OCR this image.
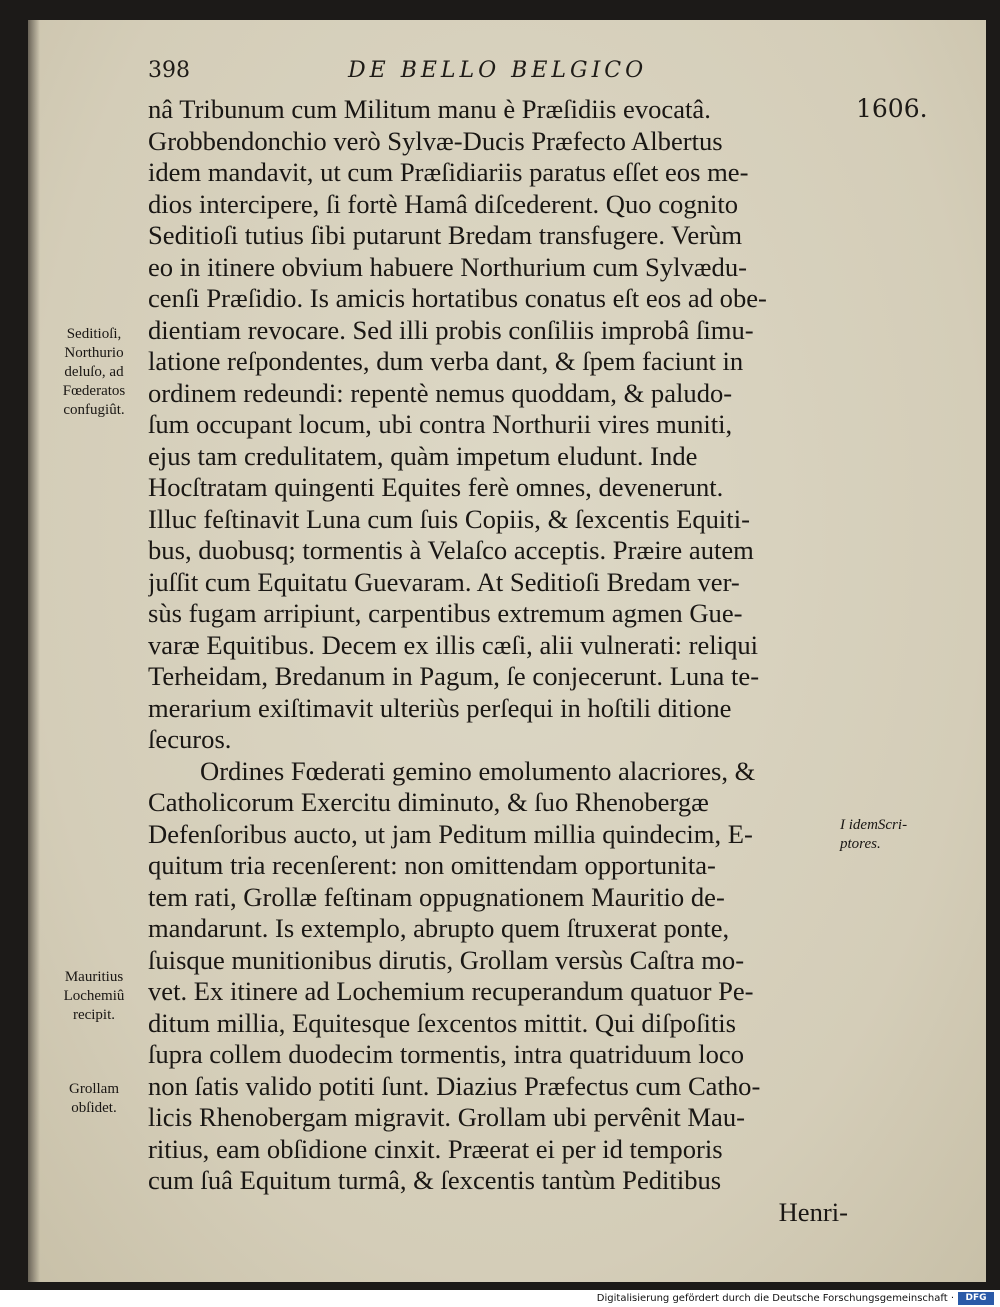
398	DE BELLO BELGICO
1606.
nâ Tribunum cum Militum manu è Præſidiis evocatâ.
Grobbendonchio verò Sylvæ-Ducis Præfecto Albertus
idem mandavit, ut cum Præſidiariis paratus eſſet eos me-
dios intercipere, ſi fortè Hamâ diſcederent. Quo cognito
Seditioſi tutius ſibi putarunt Bredam transfugere. Verùm
eo in itinere obvium habuere Northurium cum Sylvædu-
cenſi Præſidio. Is amicis hortatibus conatus eſt eos ad obe-
dientiam revocare. Sed illi probis conſiliis improbâ ſimu-
latione reſpondentes, dum verba dant, & ſpem faciunt in
ordinem redeundi: repentè nemus quoddam, & paludo-
ſum occupant locum, ubi contra Northurii vires muniti,
ejus tam credulitatem, quàm impetum eludunt. Inde
Hocſtratam quingenti Equites ferè omnes, devenerunt.
Illuc feſtinavit Luna cum ſuis Copiis, & ſexcentis Equiti-
bus, duobusq; tormentis à Velaſco acceptis. Præire autem
juſſit cum Equitatu Guevaram. At Seditioſi Bredam ver-
sùs fugam arripiunt, carpentibus extremum agmen Gue-
varæ Equitibus. Decem ex illis cæſi, alii vulnerati: reliqui
Terheidam, Bredanum in Pagum, ſe conjecerunt. Luna te-
merarium exiſtimavit ulteriùs perſequi in hoſtili ditione
ſecuros.
Ordines Fœderati gemino emolumento alacriores, &
Catholicorum Exercitu diminuto, & ſuo Rhenobergæ
Defenſoribus aucto, ut jam Peditum millia quindecim, E-
quitum tria recenſerent: non omittendam opportunita-
tem rati, Grollæ feſtinam oppugnationem Mauritio de-
mandarunt. Is extemplo, abrupto quem ſtruxerat ponte,
ſuisque munitionibus dirutis, Grollam versùs Caſtra mo-
vet. Ex itinere ad Lochemium recuperandum quatuor Pe-
ditum millia, Equitesque ſexcentos mittit. Qui diſpoſitis
ſupra collem duodecim tormentis, intra quatriduum loco
non ſatis valido potiti ſunt. Diazius Præfectus cum Catho-
licis Rhenobergam migravit. Grollam ubi pervênit Mau-
ritius, eam obſidione cinxit. Præerat ei per id temporis
cum ſuâ Equitum turmâ, & ſexcentis tantùm Peditibus
Henri-
Seditioſi,
Northurio
deluſo, ad
Fœderatos
confugiût.
Mauritius
Lochemiû
recipit.
Grollam
obſidet.
I idemScri-
ptores.
Digitalisierung gefördert durch die Deutsche Forschungsgemeinschaft ·	DFG
